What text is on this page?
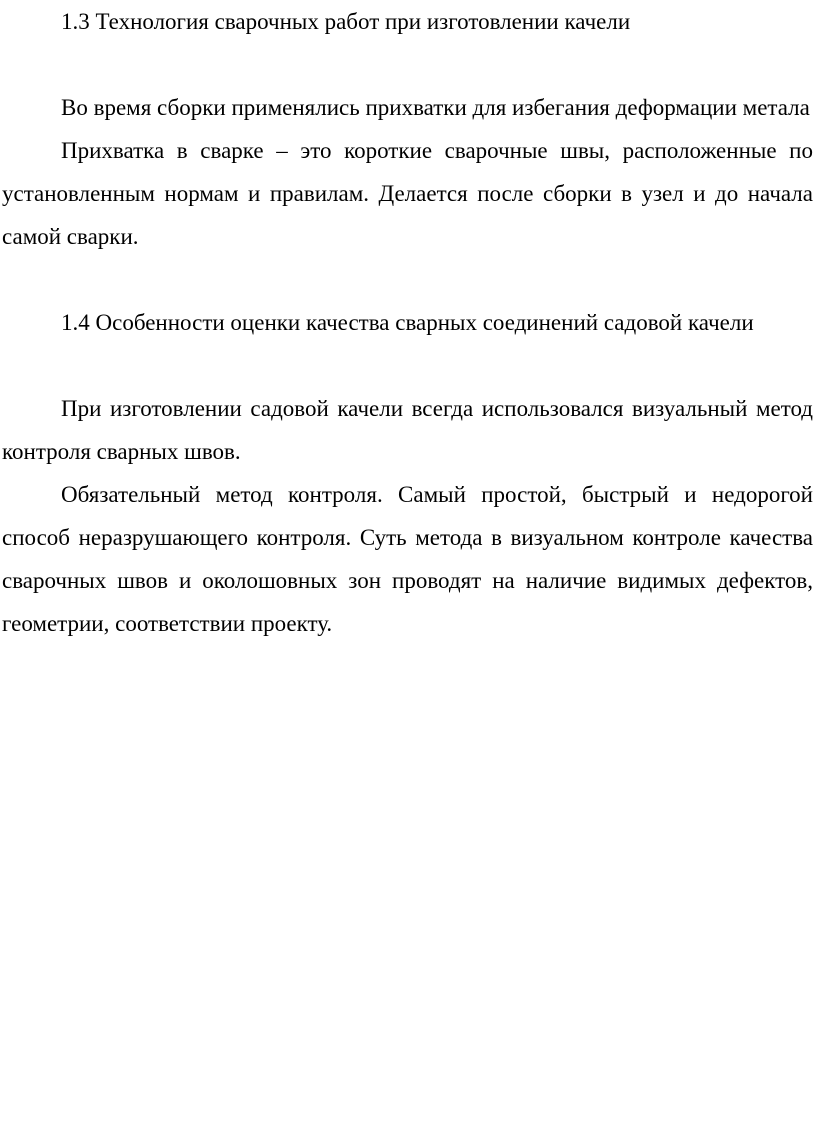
1.3 Технология сварочных работ при изготовлении качели

Во время сборки применялись прихватки для избегания деформации метала

Прихватка в сварке – это короткие сварочные швы, расположенные по установленным нормам и правилам. Делается после сборки в узел и до начала самой сварки.

1.4 Особенности оценки качества сварных соединений садовой качели

При изготовлении садовой качели всегда использовался визуальный метод контроля сварных швов.

Обязательный метод контроля. Самый простой, быстрый и недорогой способ неразрушающего контроля. Суть метода в визуальном контроле качества сварочных швов и околошовных зон проводят на наличие видимых дефектов, геометрии, соответствии проекту.
